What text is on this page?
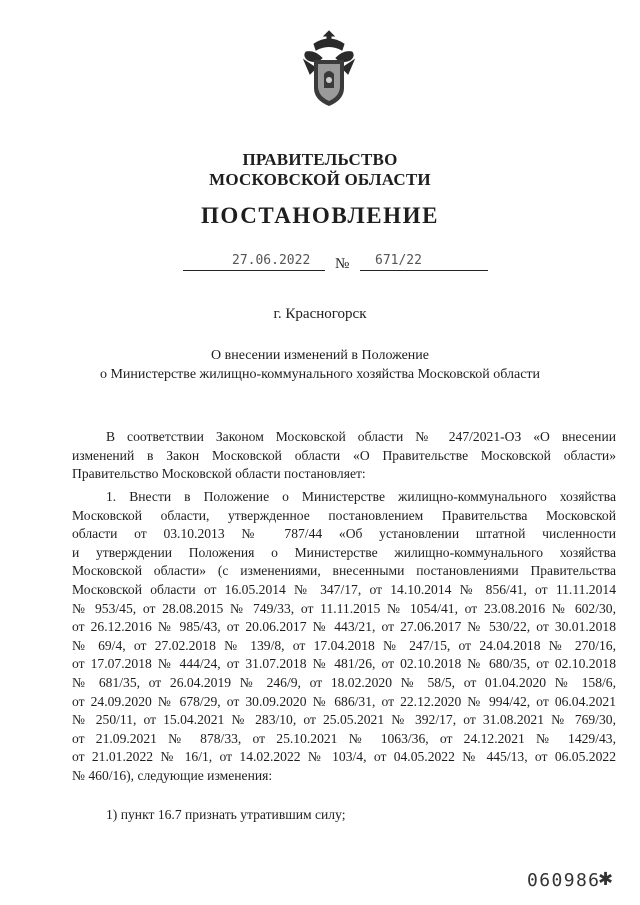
ПРАВИТЕЛЬСТВО
МОСКОВСКОЙ ОБЛАСТИ
ПОСТАНОВЛЕНИЕ
27.06.2022 № 671/22
г. Красногорск
О внесении изменений в Положение
о Министерстве жилищно-коммунального хозяйства Московской области
В соответствии Законом Московской области № 247/2021-ОЗ «О внесении
изменений в Закон Московской области «О Правительстве Московской области»
Правительство Московской области постановляет:
1. Внести в Положение о Министерстве жилищно-коммунального хозяйства
Московской области, утвержденное постановлением Правительства Московской
области от 03.10.2013 № 787/44 «Об установлении штатной численности
и утверждении Положения о Министерстве жилищно-коммунального хозяйства
Московской области» (с изменениями, внесенными постановлениями Правительства
Московской области от 16.05.2014 № 347/17, от 14.10.2014 № 856/41, от 11.11.2014
№ 953/45, от 28.08.2015 № 749/33, от 11.11.2015 № 1054/41, от 23.08.2016 № 602/30,
от 26.12.2016 № 985/43, от 20.06.2017 № 443/21, от 27.06.2017 № 530/22, от 30.01.2018
№ 69/4, от 27.02.2018 № 139/8, от 17.04.2018 № 247/15, от 24.04.2018 № 270/16,
от 17.07.2018 № 444/24, от 31.07.2018 № 481/26, от 02.10.2018 № 680/35, от 02.10.2018
№ 681/35, от 26.04.2019 № 246/9, от 18.02.2020 № 58/5, от 01.04.2020 № 158/6,
от 24.09.2020 № 678/29, от 30.09.2020 № 686/31, от 22.12.2020 № 994/42, от 06.04.2021
№ 250/11, от 15.04.2021 № 283/10, от 25.05.2021 № 392/17, от 31.08.2021 № 769/30,
от 21.09.2021 № 878/33, от 25.10.2021 № 1063/36, от 24.12.2021 № 1429/43,
от 21.01.2022 № 16/1, от 14.02.2022 № 103/4, от 04.05.2022 № 445/13, от 06.05.2022
№ 460/16), следующие изменения:
1) пункт 16.7 признать утратившим силу;
060986
✱
